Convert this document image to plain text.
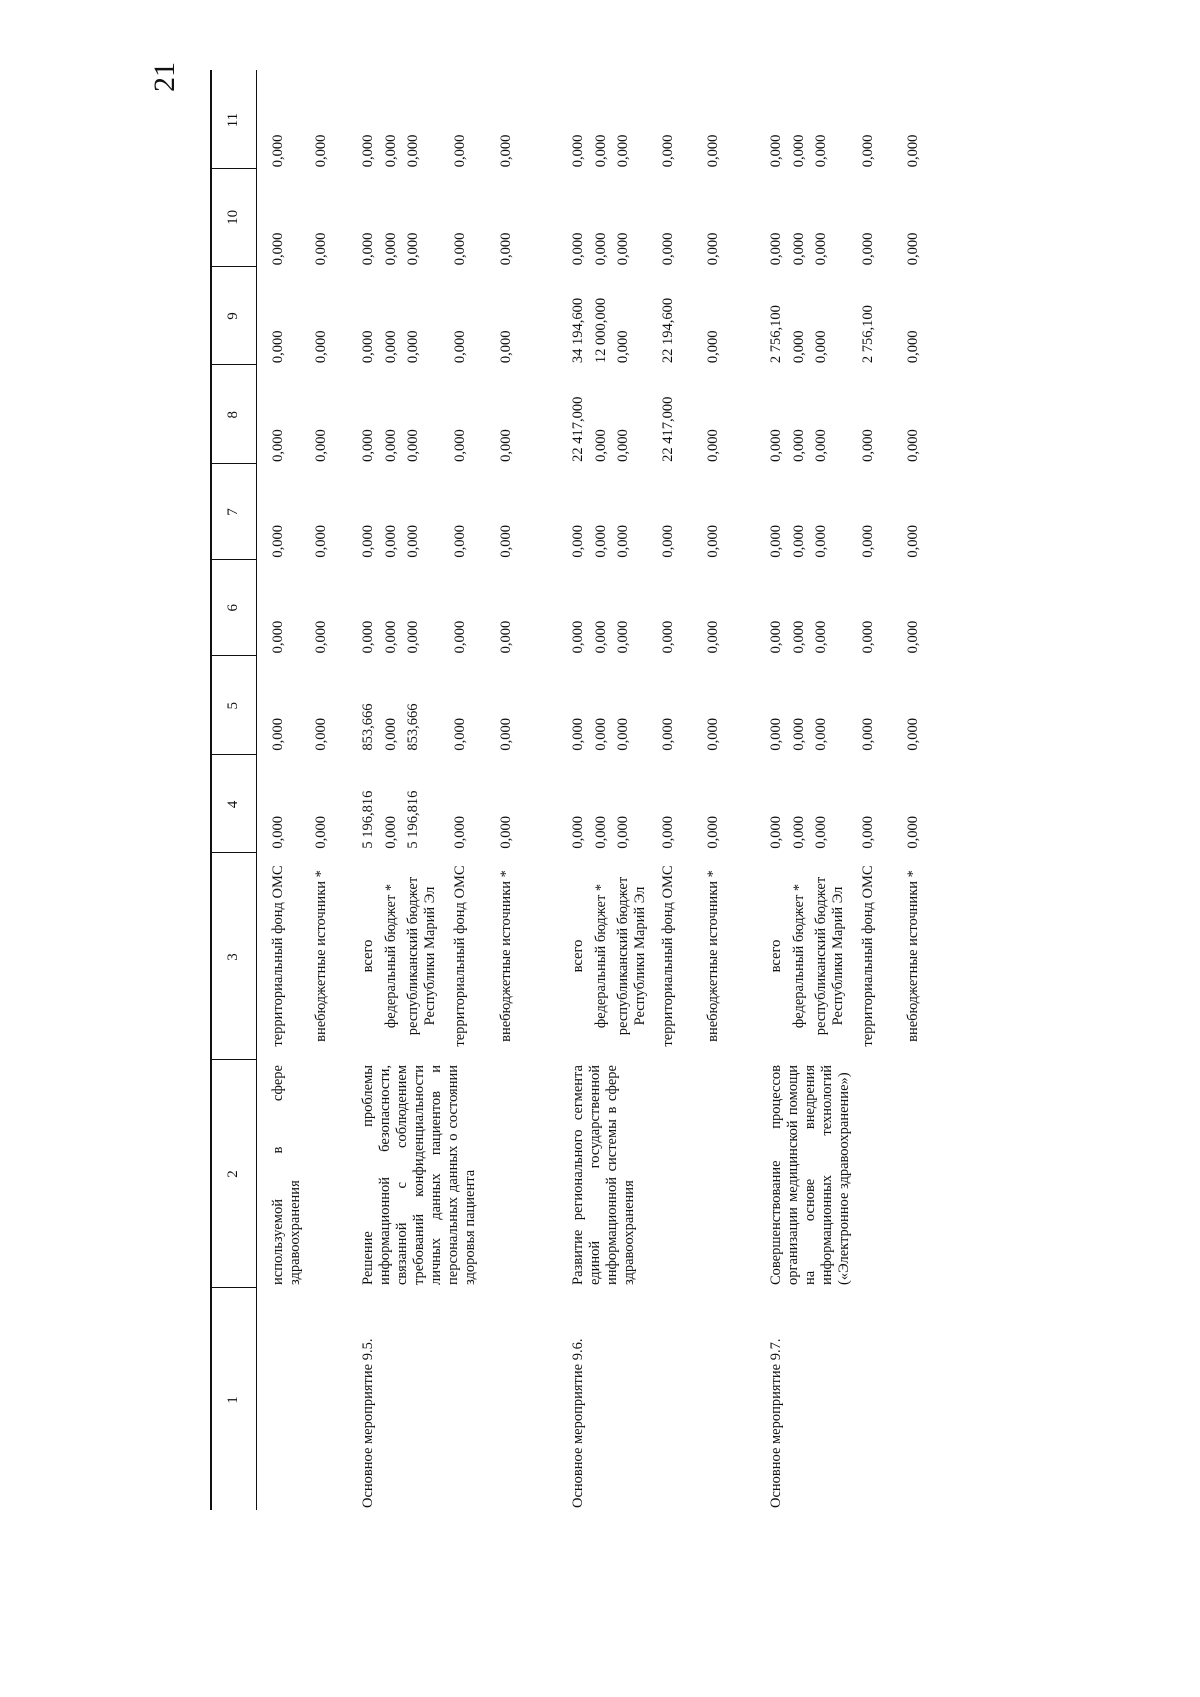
21
1
2
3
4
5
6
7
8
9
10
11
используемой в сфере здравоохранения
территориальный фонд ОМС внебюджетные источники *
Основное мероприятие 9.5.
Решение проблемы информационной безопасности, связанной с соблюдением требований конфиденциальности личных данных пациентов и персональных данных о состоянии здоровья пациента
всего федеральный бюджет * республиканский бюджет Республики Марий Эл территориальный фонд ОМС внебюджетные источники *
Основное мероприятие 9.6.
Развитие регионального сегмента единой государственной информационной системы в сфере здравоохранения
всего федеральный бюджет * республиканский бюджет Республики Марий Эл территориальный фонд ОМС внебюджетные источники *
Основное мероприятие 9.7.
Совершенствование процессов организации медицинской помощи на основе внедрения информационных технологий («Электронное здравоохранение»)
всего федеральный бюджет * республиканский бюджет Республики Марий Эл территориальный фонд ОМС внебюджетные источники *
0,000
0,000
0,000
0,000
0,000
0,000
0,000
0,000
0,000
0,000
0,000
0,000
0,000
0,000
0,000
0,000
5 196,816
853,666
0,000
0,000
0,000
0,000
0,000
0,000
0,000
0,000
0,000
0,000
0,000
0,000
0,000
0,000
5 196,816
853,666
0,000
0,000
0,000
0,000
0,000
0,000
0,000
0,000
0,000
0,000
0,000
0,000
0,000
0,000
0,000
0,000
0,000
0,000
0,000
0,000
0,000
0,000
0,000
0,000
0,000
0,000
22 417,000
34 194,600
0,000
0,000
0,000
0,000
0,000
0,000
0,000
12 000,000
0,000
0,000
0,000
0,000
0,000
0,000
0,000
0,000
0,000
0,000
0,000
0,000
0,000
0,000
22 417,000
22 194,600
0,000
0,000
0,000
0,000
0,000
0,000
0,000
0,000
0,000
0,000
0,000
0,000
0,000
0,000
0,000
2 756,100
0,000
0,000
0,000
0,000
0,000
0,000
0,000
0,000
0,000
0,000
0,000
0,000
0,000
0,000
0,000
0,000
0,000
0,000
0,000
0,000
0,000
0,000
0,000
2 756,100
0,000
0,000
0,000
0,000
0,000
0,000
0,000
0,000
0,000
0,000
